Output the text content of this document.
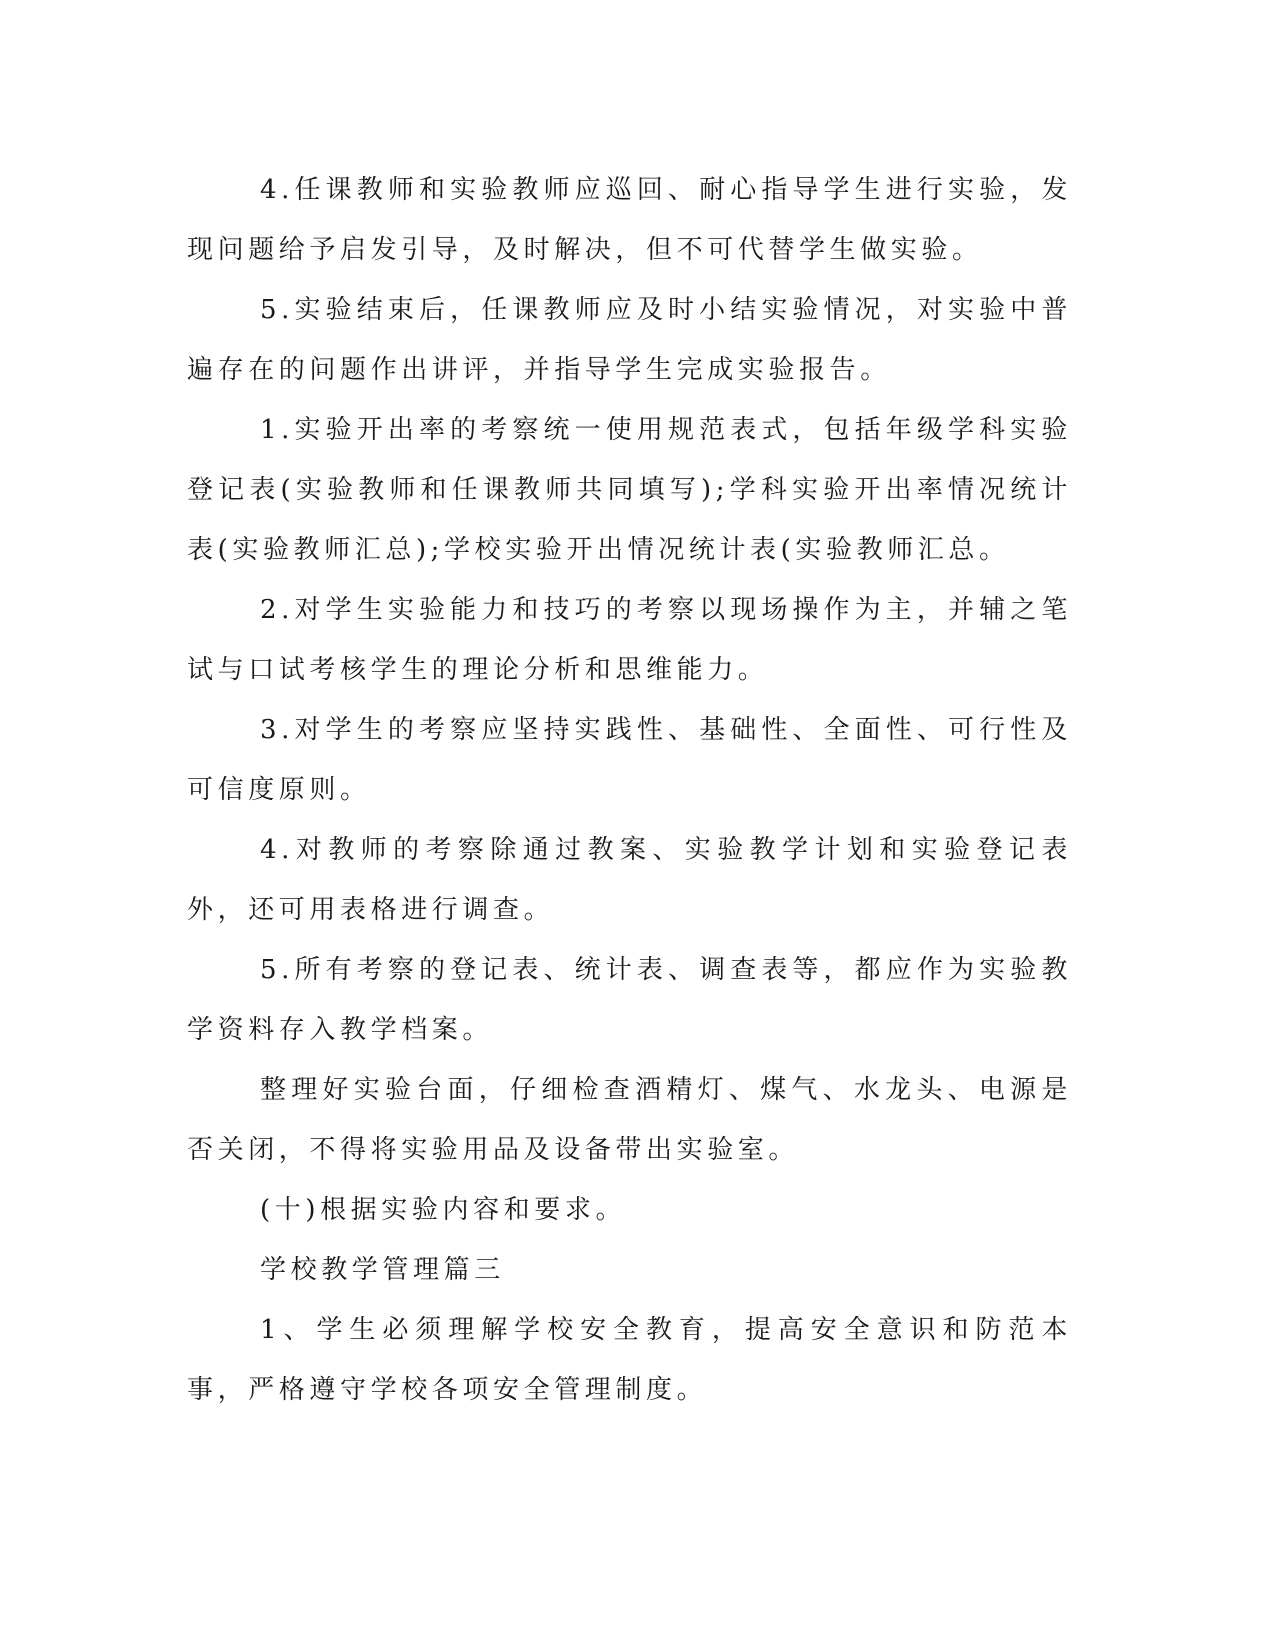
4.任课教师和实验教师应巡回、耐心指导学生进行实验，发现问题给予启发引导，及时解决，但不可代替学生做实验。

5.实验结束后，任课教师应及时小结实验情况，对实验中普遍存在的问题作出讲评，并指导学生完成实验报告。

1.实验开出率的考察统一使用规范表式，包括年级学科实验登记表(实验教师和任课教师共同填写);学科实验开出率情况统计表(实验教师汇总);学校实验开出情况统计表(实验教师汇总。

2.对学生实验能力和技巧的考察以现场操作为主，并辅之笔试与口试考核学生的理论分析和思维能力。

3.对学生的考察应坚持实践性、基础性、全面性、可行性及可信度原则。

4.对教师的考察除通过教案、实验教学计划和实验登记表外，还可用表格进行调查。

5.所有考察的登记表、统计表、调查表等，都应作为实验教学资料存入教学档案。

整理好实验台面，仔细检查酒精灯、煤气、水龙头、电源是否关闭，不得将实验用品及设备带出实验室。

(十)根据实验内容和要求。

学校教学管理篇三

1、学生必须理解学校安全教育，提高安全意识和防范本事，严格遵守学校各项安全管理制度。
